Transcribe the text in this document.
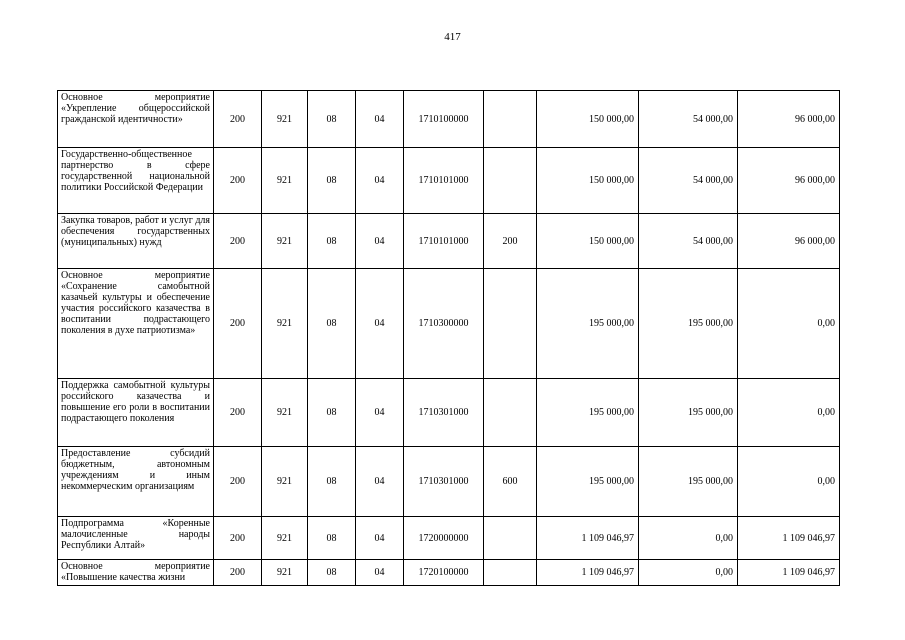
417
Основное мероприятие «Укрепление общероссийской гражданской идентичности»	200	921	08	04	1710100000		150 000,00	54 000,00	96 000,00
Государственно-общественное партнерство в сфере государственной национальной политики Российской Федерации	200	921	08	04	1710101000		150 000,00	54 000,00	96 000,00
Закупка товаров, работ и услуг для обеспечения государственных (муниципальных) нужд	200	921	08	04	1710101000	200	150 000,00	54 000,00	96 000,00
Основное мероприятие «Сохранение самобытной казачьей культуры и обеспечение участия российского казачества в воспитании подрастающего поколения в духе патриотизма»	200	921	08	04	1710300000		195 000,00	195 000,00	0,00
Поддержка самобытной культуры российского казачества и повышение его роли в воспитании подрастающего поколения	200	921	08	04	1710301000		195 000,00	195 000,00	0,00
Предоставление субсидий бюджетным, автономным учреждениям и иным некоммерческим организациям	200	921	08	04	1710301000	600	195 000,00	195 000,00	0,00
Подпрограмма «Коренные малочисленные народы Республики Алтай»	200	921	08	04	1720000000		1 109 046,97	0,00	1 109 046,97
Основное мероприятие «Повышение качества жизни	200	921	08	04	1720100000		1 109 046,97	0,00	1 109 046,97
